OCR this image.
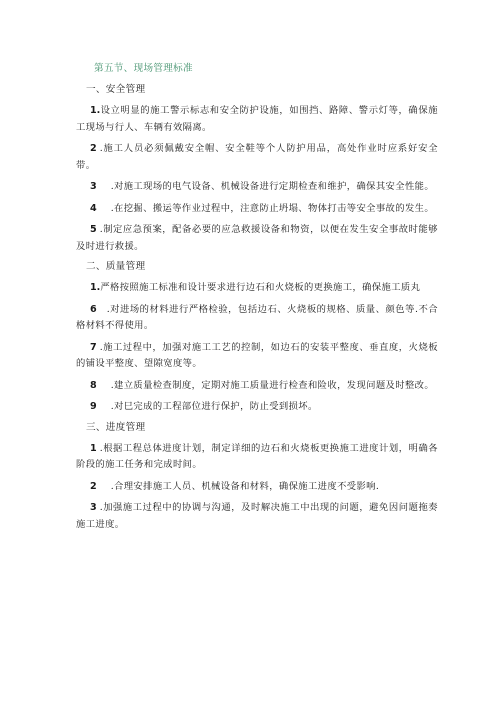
第五节、现场管理标准
一、安全管理

1.设立明显的施工警示标志和安全防护设施，如围挡、路障、警示灯等，确保施工现场与行人、车辆有效隔离。

2 .施工人员必须佩戴安全帽、安全鞋等个人防护用品，高处作业时应系好安全带。

3 .对施工现场的电气设备、机械设备进行定期检查和维护，确保其安全性能。

4 .在挖掘、搬运等作业过程中，注意防止坍塌、物体打击等安全事故的发生。

5 .制定应急预案，配备必要的应急救援设备和物资，以便在发生安全事故时能够及时进行救援。

二、质量管理

1.严格按照施工标准和设计要求进行边石和火烧板的更换施工，确保施工质丸

6 .对进场的材料进行严格检验，包括边石、火烧板的规格、质量、颜色等.不合格材料不得使用。

7 .施工过程中，加强对施工工艺的控制，如边石的安装平整度、垂直度，火烧板的铺设平整度、望隙宽度等。

8 .建立质量检查制度，定期对施工质量进行检查和险收，发现问题及时整改。

9 .对巳完成的工程部位进行保护，防止受到损坏。

三、进度管理

1 .根据工程总体进度计划，制定详细的边石和火烧板更换施工进度计划，明确各阶段的施工任务和完成时间。

2 .合理安排施工人员、机械设备和材料，确保施工进度不受影响.

3 .加强施工过程中的协调与沟通，及时解决施工中出现的问题，避免因问题拖奏施工进度。
